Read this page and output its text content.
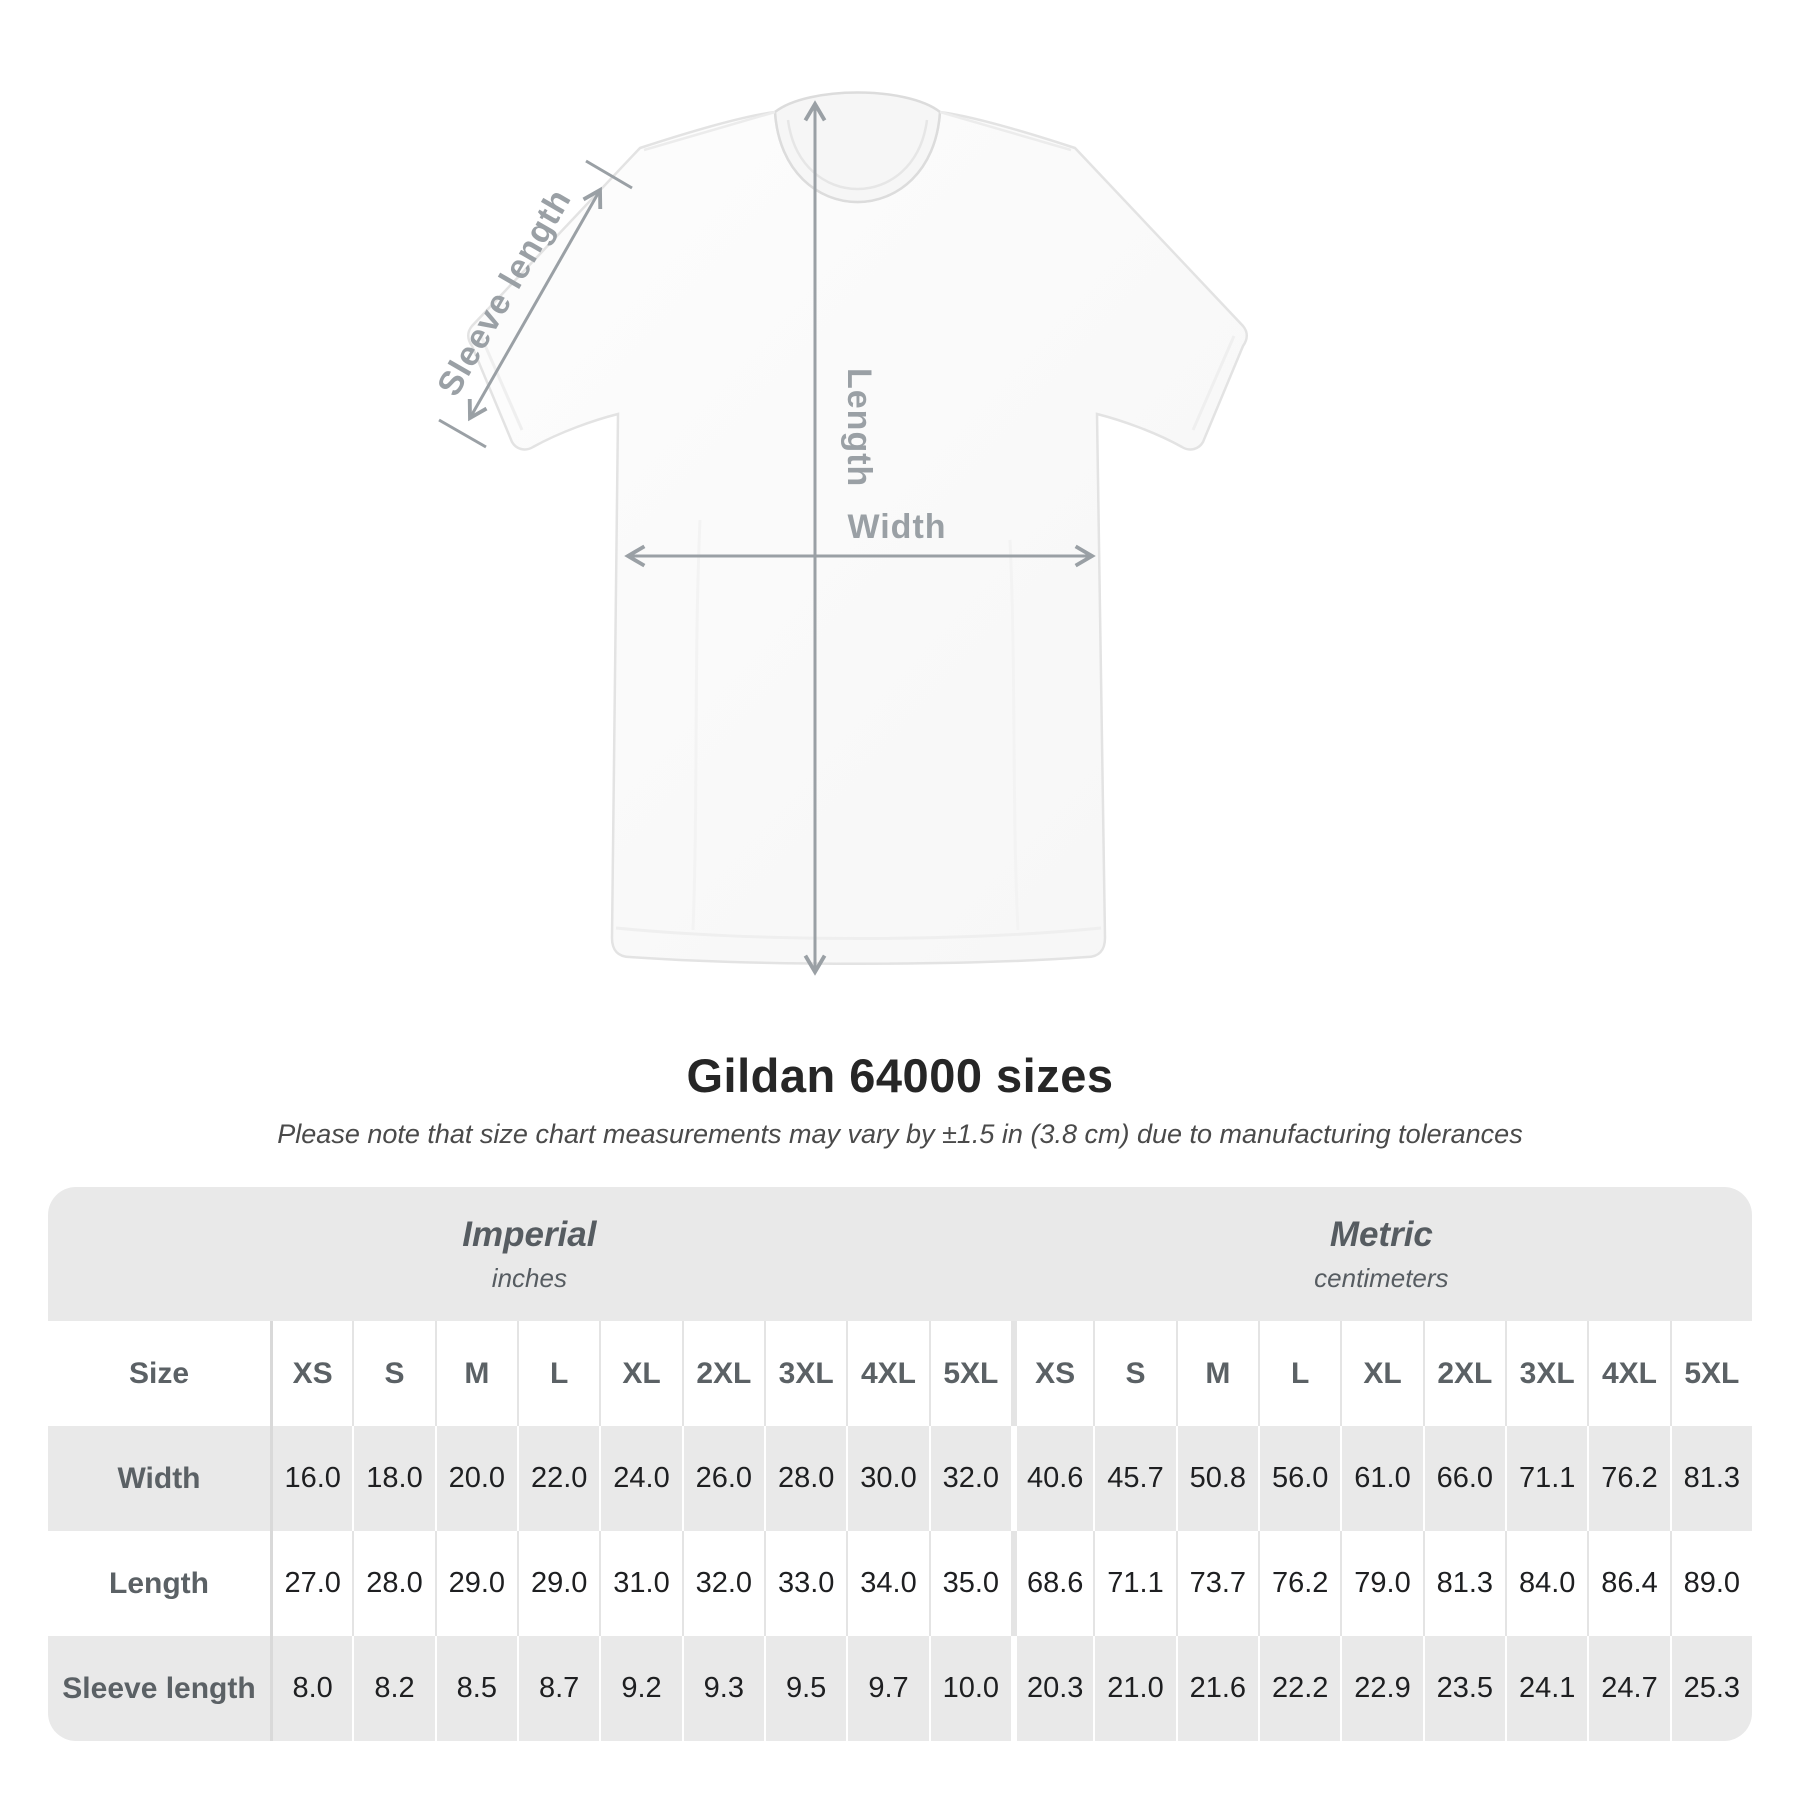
Length
Width
Sleeve length
Gildan 64000 sizes

Please note that size chart measurements may vary by ±1.5 in (3.8 cm) due to manufacturing tolerances

Imperial
inches
Metric
centimeters
Size	XS	S	M	L	XL	2XL 3XL 4XL 5XL	XS	S	M	L	XL	2XL 3XL 4XL 5XL
Width	16.0 18.0 20.0 22.0 24.0 26.0 28.0 30.0 32.0 40.6 45.7 50.8 56.0 61.0 66.0 71.1 76.2 81.3
Length	27.0 28.0 29.0 29.0 31.0 32.0 33.0 34.0 35.0 68.6 71.1 73.7 76.2 79.0 81.3 84.0 86.4 89.0
Sleeve length	8.0	8.2	8.5	8.7	9.2	9.3	9.5	9.7	10.0 20.3 21.0 21.6 22.2 22.9 23.5 24.1 24.7 25.3
